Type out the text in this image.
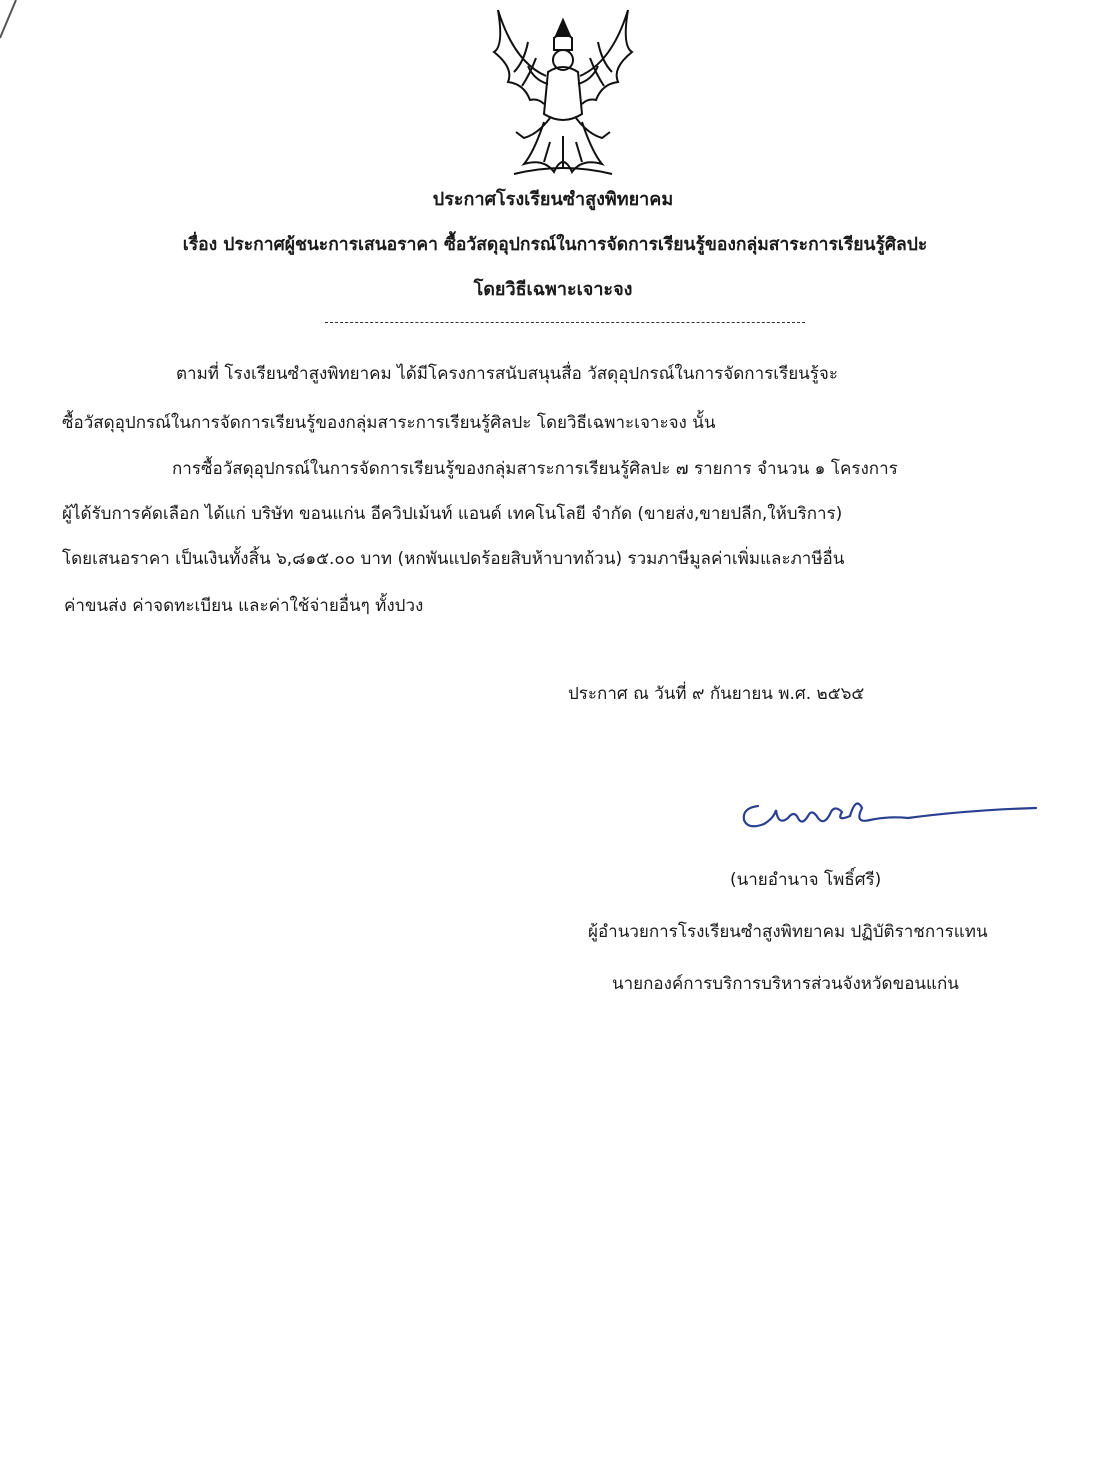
ประกาศโรงเรียนซำสูงพิทยาคม
เรื่อง ประกาศผู้ชนะการเสนอราคา ซื้อวัสดุอุปกรณ์ในการจัดการเรียนรู้ของกลุ่มสาระการเรียนรู้ศิลปะ
โดยวิธีเฉพาะเจาะจง
ตามที่ โรงเรียนซำสูงพิทยาคม ได้มีโครงการสนับสนุนสื่อ วัสดุอุปกรณ์ในการจัดการเรียนรู้จะ
ซื้อวัสดุอุปกรณ์ในการจัดการเรียนรู้ของกลุ่มสาระการเรียนรู้ศิลปะ โดยวิธีเฉพาะเจาะจง นั้น
การซื้อวัสดุอุปกรณ์ในการจัดการเรียนรู้ของกลุ่มสาระการเรียนรู้ศิลปะ ๗ รายการ จำนวน ๑ โครงการ
ผู้ได้รับการคัดเลือก ได้แก่ บริษัท ขอนแก่น อีควิปเม้นท์ แอนด์ เทคโนโลยี จำกัด (ขายส่ง,ขายปลีก,ให้บริการ)
โดยเสนอราคา เป็นเงินทั้งสิ้น ๖,๘๑๕.๐๐ บาท (หกพันแปดร้อยสิบห้าบาทถ้วน) รวมภาษีมูลค่าเพิ่มและภาษีอื่น
ค่าขนส่ง ค่าจดทะเบียน และค่าใช้จ่ายอื่นๆ ทั้งปวง
ประกาศ ณ วันที่ ๙ กันยายน พ.ศ. ๒๕๖๕
(นายอำนาจ โพธิ์ศรี)
ผู้อำนวยการโรงเรียนซำสูงพิทยาคม ปฏิบัติราชการแทน
นายกองค์การบริการบริหารส่วนจังหวัดขอนแก่น
